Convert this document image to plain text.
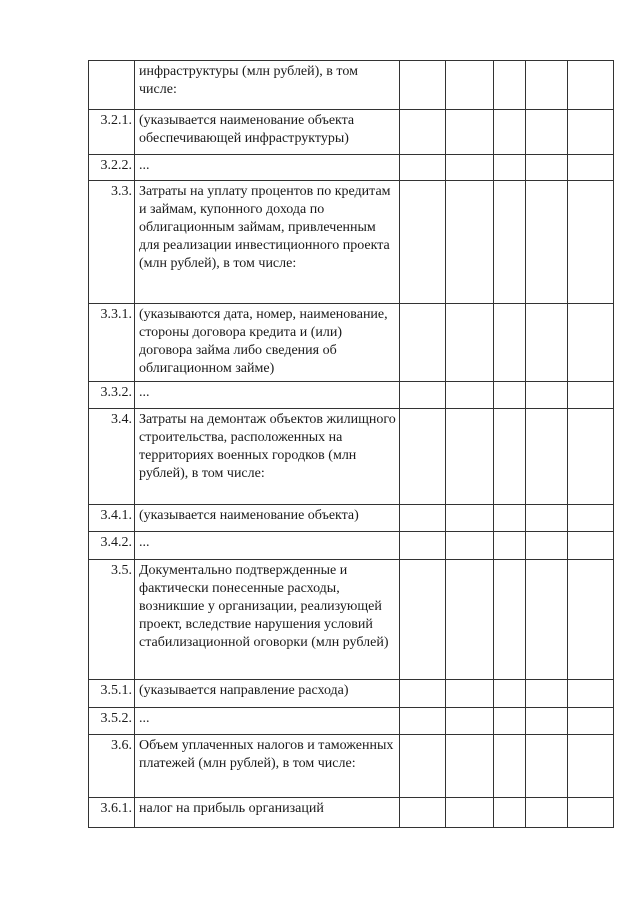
	инфраструктуры (млн рублей), в том числе:					

3.2.1.	(указывается наименование объекта обеспечивающей инфраструктуры)					

3.2.2.	...					

3.3.	Затраты на уплату процентов по кредитам и займам, купонного дохода по облигационным займам, привлеченным для реализации инвестиционного проекта (млн рублей), в том числе:					

3.3.1.	(указываются дата, номер, наименование, стороны договора кредита и (или) договора займа либо сведения об облигационном займе)					

3.3.2.	...					

3.4.	Затраты на демонтаж объектов жилищного строительства, расположенных на территориях военных городков (млн рублей), в том числе:					

3.4.1.	(указывается наименование объекта)					

3.4.2.	...					

3.5.	Документально подтвержденные и фактически понесенные расходы, возникшие у организации, реализующей проект, вследствие нарушения условий стабилизационной оговорки (млн рублей)					

3.5.1.	(указывается направление расхода)					

3.5.2.	...					

3.6.	Объем уплаченных налогов и таможенных платежей (млн рублей), в том числе:					

3.6.1.	налог на прибыль организаций					
